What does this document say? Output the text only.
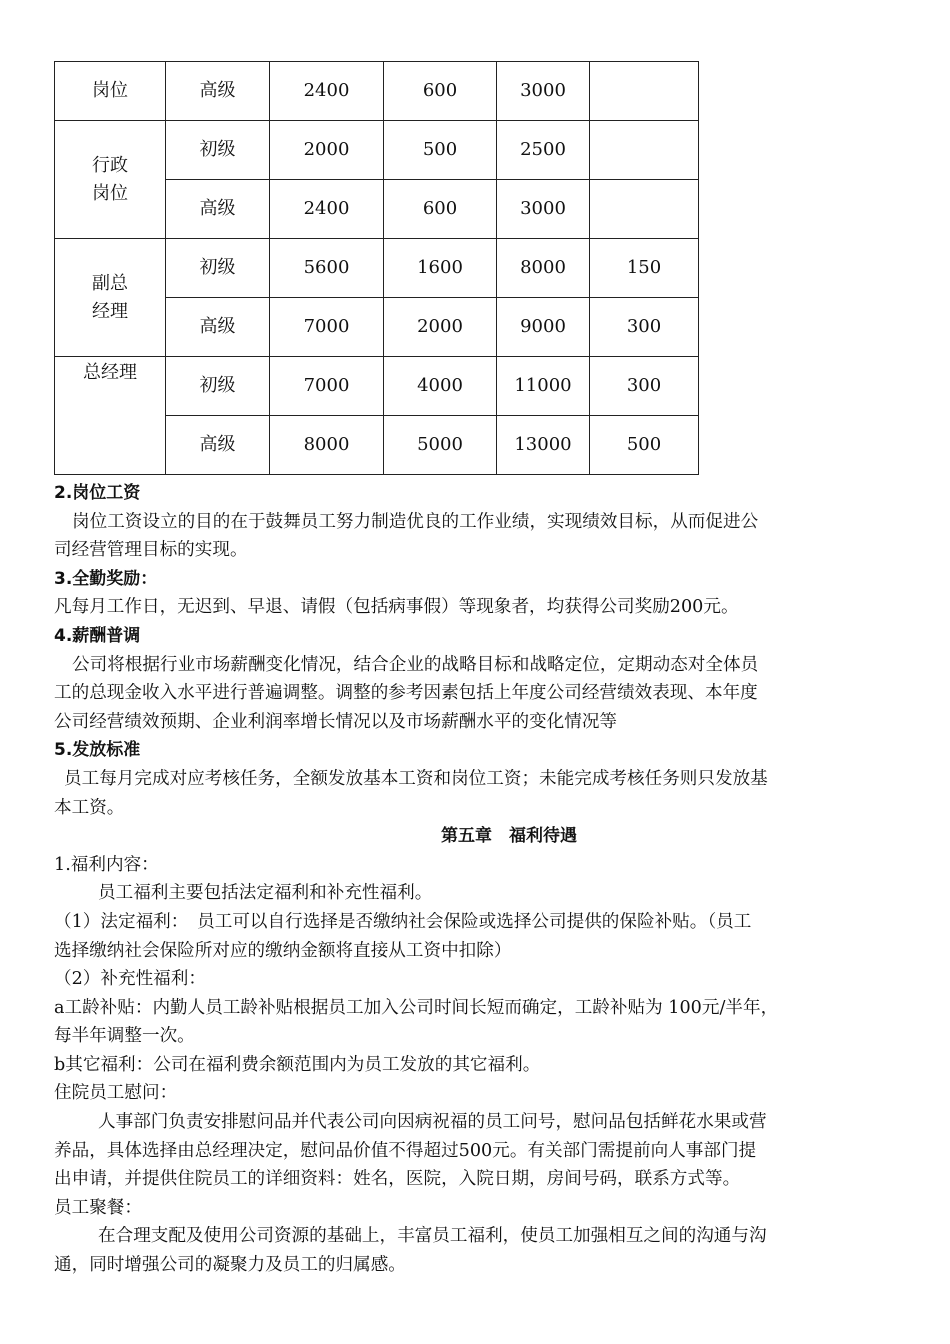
岗位	高级	2400	600	3000	
行政
岗位	初级	2000	500	2500	
	高级	2400	600	3000	
副总
经理	初级	5600	1600	8000	150
	高级	7000	2000	9000	300
总经理	初级	7000	4000	11000	300
	高级	8000	5000	13000	500
2.岗位工资
岗位工资设立的目的在于鼓舞员工努力制造优良的工作业绩，实现绩效目标，从而促进公
司经营管理目标的实现。
3.全勤奖励：
凡每月工作日，无迟到、早退、请假（包括病事假）等现象者，均获得公司奖励200元。
4.薪酬普调
公司将根据行业市场薪酬变化情况，结合企业的战略目标和战略定位，定期动态对全体员
工的总现金收入水平进行普遍调整。调整的参考因素包括上年度公司经营绩效表现、本年度
公司经营绩效预期、企业利润率增长情况以及市场薪酬水平的变化情况等
5.发放标准
员工每月完成对应考核任务，全额发放基本工资和岗位工资；未能完成考核任务则只发放基
本工资。
第五章　福利待遇
1.福利内容：
员工福利主要包括法定福利和补充性福利。
（1）法定福利：　员工可以自行选择是否缴纳社会保险或选择公司提供的保险补贴。（员工
选择缴纳社会保险所对应的缴纳金额将直接从工资中扣除）
（2）补充性福利：
a工龄补贴：内勤人员工龄补贴根据员工加入公司时间长短而确定，工龄补贴为 100元/半年，
每半年调整一次。
b其它福利：公司在福利费余额范围内为员工发放的其它福利。
住院员工慰问：
人事部门负责安排慰问品并代表公司向因病祝福的员工问号，慰问品包括鲜花水果或营
养品，具体选择由总经理决定，慰问品价值不得超过500元。有关部门需提前向人事部门提
出申请，并提供住院员工的详细资料：姓名，医院，入院日期，房间号码，联系方式等。
员工聚餐：
在合理支配及使用公司资源的基础上，丰富员工福利，使员工加强相互之间的沟通与沟
通，同时增强公司的凝聚力及员工的归属感。
